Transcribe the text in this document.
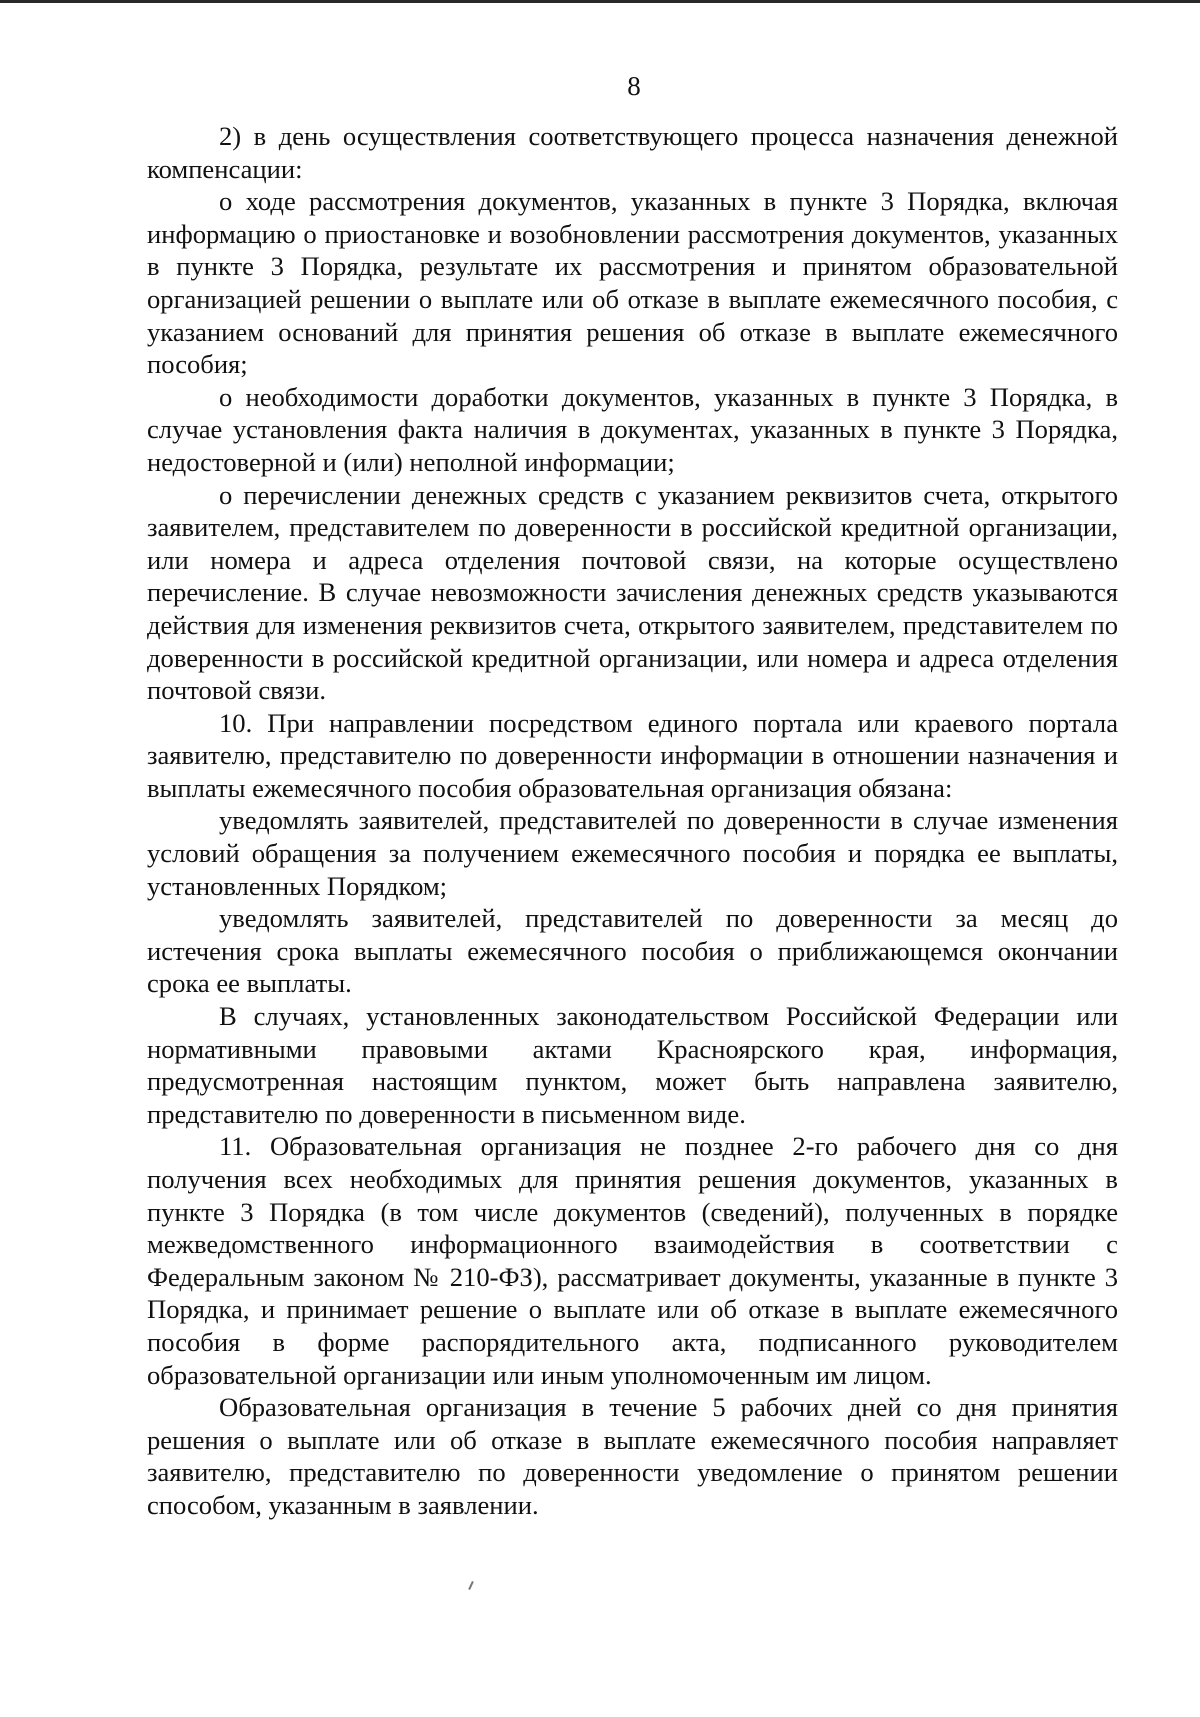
8

2) в день осуществления соответствующего процесса назначения денежной компенсации:

о ходе рассмотрения документов, указанных в пункте 3 Порядка, включая информацию о приостановке и возобновлении рассмотрения документов, указанных в пункте 3 Порядка, результате их рассмотрения и принятом образовательной организацией решении о выплате или об отказе в выплате ежемесячного пособия, с указанием оснований для принятия решения об отказе в выплате ежемесячного пособия;

о необходимости доработки документов, указанных в пункте 3 Порядка, в случае установления факта наличия в документах, указанных в пункте 3 Порядка, недостоверной и (или) неполной информации;

о перечислении денежных средств с указанием реквизитов счета, открытого заявителем, представителем по доверенности в российской кредитной организации, или номера и адреса отделения почтовой связи, на которые осуществлено перечисление. В случае невозможности зачисления денежных средств указываются действия для изменения реквизитов счета, открытого заявителем, представителем по доверенности в российской кредитной организации, или номера и адреса отделения почтовой связи.

10. При направлении посредством единого портала или краевого портала заявителю, представителю по доверенности информации в отношении назначения и выплаты ежемесячного пособия образовательная организация обязана:

уведомлять заявителей, представителей по доверенности в случае изменения условий обращения за получением ежемесячного пособия и порядка ее выплаты, установленных Порядком;

уведомлять заявителей, представителей по доверенности за месяц до истечения срока выплаты ежемесячного пособия о приближающемся окончании срока ее выплаты.

В случаях, установленных законодательством Российской Федерации или нормативными правовыми актами Красноярского края, информация, предусмотренная настоящим пунктом, может быть направлена заявителю, представителю по доверенности в письменном виде.

11. Образовательная организация не позднее 2-го рабочего дня со дня получения всех необходимых для принятия решения документов, указанных в пункте 3 Порядка (в том числе документов (сведений), полученных в порядке межведомственного информационного взаимодействия в соответствии с Федеральным законом № 210-ФЗ), рассматривает документы, указанные в пункте 3 Порядка, и принимает решение о выплате или об отказе в выплате ежемесячного пособия в форме распорядительного акта, подписанного руководителем образовательной организации или иным уполномоченным им лицом.

Образовательная организация в течение 5 рабочих дней со дня принятия решения о выплате или об отказе в выплате ежемесячного пособия направляет заявителю, представителю по доверенности уведомление о принятом решении способом, указанным в заявлении.
